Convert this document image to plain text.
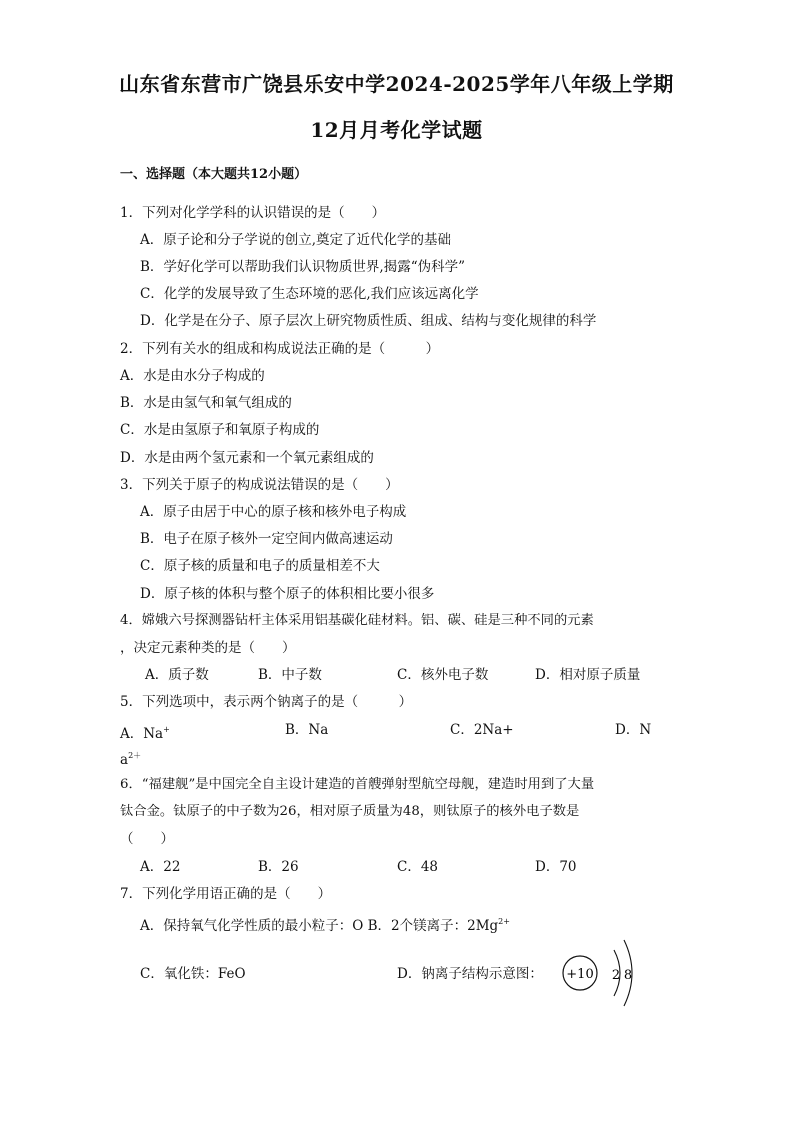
山东省东营市广饶县乐安中学2024-2025学年八年级上学期
12月月考化学试题
一、选择题（本大题共12小题）
1．下列对化学学科的认识错误的是（　　）
A．原子论和分子学说的创立,奠定了近代化学的基础
B．学好化学可以帮助我们认识物质世界,揭露“伪科学”
C．化学的发展导致了生态环境的恶化,我们应该远离化学
D．化学是在分子、原子层次上研究物质性质、组成、结构与变化规律的科学
2．下列有关水的组成和构成说法正确的是（　　　）
A．水是由水分子构成的
B．水是由氢气和氧气组成的
C．水是由氢原子和氧原子构成的
D．水是由两个氢元素和一个氧元素组成的
3．下列关于原子的构成说法错误的是（　　）
A．原子由居于中心的原子核和核外电子构成
B．电子在原子核外一定空间内做高速运动
C．原子核的质量和电子的质量相差不大
D．原子核的体积与整个原子的体积相比要小很多
4．嫦娥六号探测器钻杆主体采用铝基碳化硅材料。铝、碳、硅是三种不同的元素
，决定元素种类的是（　　）
A．质子数	B．中子数	C．核外电子数	D．相对原子质量
5．下列选项中，表示两个钠离子的是（　　　）
A．Na+	B．Na	C．2Na+	D．N
$a^{2+}$
6．“福建舰”是中国完全自主设计建造的首艘弹射型航空母舰，建造时用到了大量
钛合金。钛原子的中子数为26，相对原子质量为48，则钛原子的核外电子数是
（　　）
A．22	B．26	C．48	D．70
7．下列化学用语正确的是（　　）
A．保持氧气化学性质的最小粒子：O B．2个镁离子：$2Mg^{2+}$
C．氧化铁：FeO	D．钠离子结构示意图： +10 2 8
